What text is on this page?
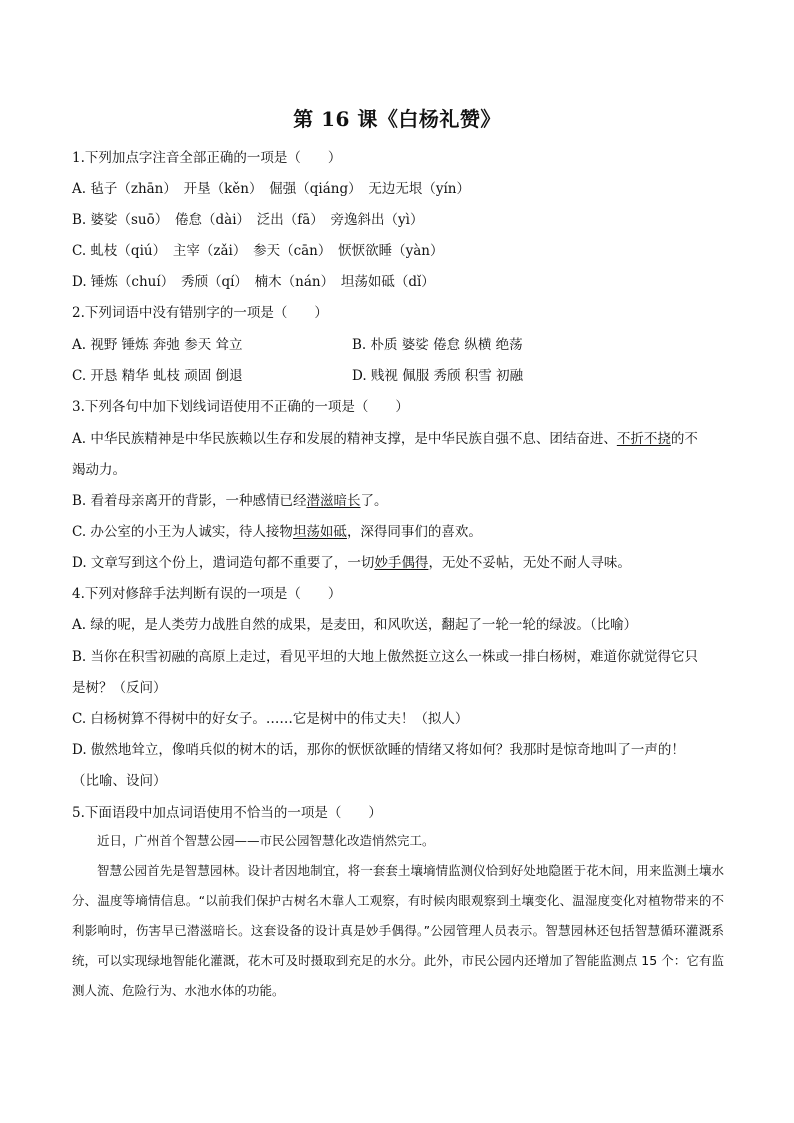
第 16 课《白杨礼赞》
1.下列加点字注音全部正确的一项是（　　）
A. 毡子（zhān）　开垦（kěn）　倔强（qiáng）　无边无垠（yín）
B. 婆娑（suō）　倦怠（dài）　泛出（fā）　旁逸斜出（yì）
C. 虬枝（qiú）　主宰（zǎi）　参天（cān）　恹恹欲睡（yàn）
D. 锤炼（chuí）　秀颀（qí）　楠木（nán）　坦荡如砥（dǐ）
2.下列词语中没有错别字的一项是（　　）
A. 视野 锤炼 奔弛 参天 耸立	B. 朴质 婆娑 倦怠 纵横 绝荡
C. 开恳 精华 虬枝 顽固 倒退	D. 贱视 佩服 秀颀 积雪 初融
3.下列各句中加下划线词语使用不正确的一项是（　　）
A. 中华民族精神是中华民族赖以生存和发展的精神支撑，是中华民族自强不息、团结奋进、不折不挠的不
竭动力。
B. 看着母亲离开的背影，一种感情已经潜滋暗长了。
C. 办公室的小王为人诚实，待人接物坦荡如砥，深得同事们的喜欢。
D. 文章写到这个份上，遣词造句都不重要了，一切妙手偶得，无处不妥帖，无处不耐人寻味。
4.下列对修辞手法判断有误的一项是（　　）
A. 绿的呢，是人类劳力战胜自然的成果，是麦田，和风吹送，翻起了一轮一轮的绿波。（比喻）
B. 当你在积雪初融的高原上走过，看见平坦的大地上傲然挺立这么一株或一排白杨树，难道你就觉得它只
是树？（反问）
C. 白杨树算不得树中的好女子。……它是树中的伟丈夫！（拟人）
D. 傲然地耸立，像哨兵似的树木的话，那你的恹恹欲睡的情绪又将如何？我那时是惊奇地叫了一声的！
（比喻、设问）
5.下面语段中加点词语使用不恰当的一项是（　　）

近日，广州首个智慧公园——市民公园智慧化改造悄然完工。

智慧公园首先是智慧园林。设计者因地制宜，将一套套土壤墒情监测仪恰到好处地隐匿于花木间，用来监测土壤水分、温度等墒情信息。“以前我们保护古树名木靠人工观察，有时候肉眼观察到土壤变化、温湿度变化对植物带来的不利影响时，伤害早已潜滋暗长。这套设备的设计真是妙手偶得。”公园管理人员表示。智慧园林还包括智慧循环灌溉系统，可以实现绿地智能化灌溉，花木可及时摄取到充足的水分。此外，市民公园内还增加了智能监测点 15 个：它有监测人流、危险行为、水池水体的功能。
